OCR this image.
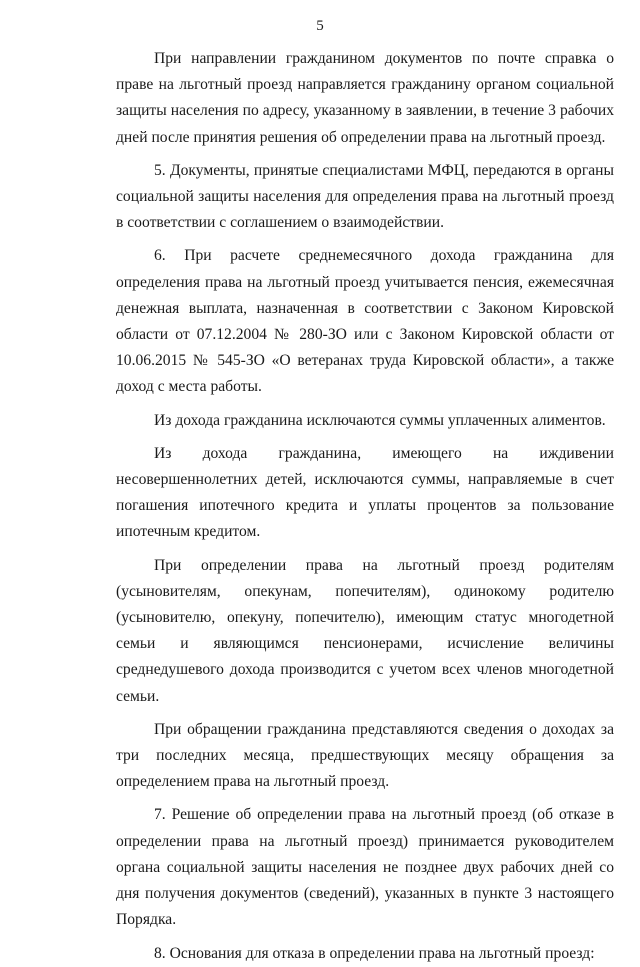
5

При направлении гражданином документов по почте справка о праве на льготный проезд направляется гражданину органом социальной защиты населения по адресу, указанному в заявлении, в течение 3 рабочих дней после принятия решения об определении права на льготный проезд.

5. Документы, принятые специалистами МФЦ, передаются в органы социальной защиты населения для определения права на льготный проезд в соответствии с соглашением о взаимодействии.

6. При расчете среднемесячного дохода гражданина для определения права на льготный проезд учитывается пенсия, ежемесячная денежная выплата, назначенная в соответствии с Законом Кировской области от 07.12.2004 № 280-ЗО или с Законом Кировской области от 10.06.2015 № 545-ЗО «О ветеранах труда Кировской области», а также доход с места работы.

Из дохода гражданина исключаются суммы уплаченных алиментов.

Из дохода гражданина, имеющего на иждивении несовершеннолетних детей, исключаются суммы, направляемые в счет погашения ипотечного кредита и уплаты процентов за пользование ипотечным кредитом.

При определении права на льготный проезд родителям (усыновителям, опекунам, попечителям), одинокому родителю (усыновителю, опекуну, попечителю), имеющим статус многодетной семьи и являющимся пенсионерами, исчисление величины среднедушевого дохода производится с учетом всех членов многодетной семьи.

При обращении гражданина представляются сведения о доходах за три последних месяца, предшествующих месяцу обращения за определением права на льготный проезд.

7. Решение об определении права на льготный проезд (об отказе в определении права на льготный проезд) принимается руководителем органа социальной защиты населения не позднее двух рабочих дней со дня получения документов (сведений), указанных в пункте 3 настоящего Порядка.

8. Основания для отказа в определении права на льготный проезд:
